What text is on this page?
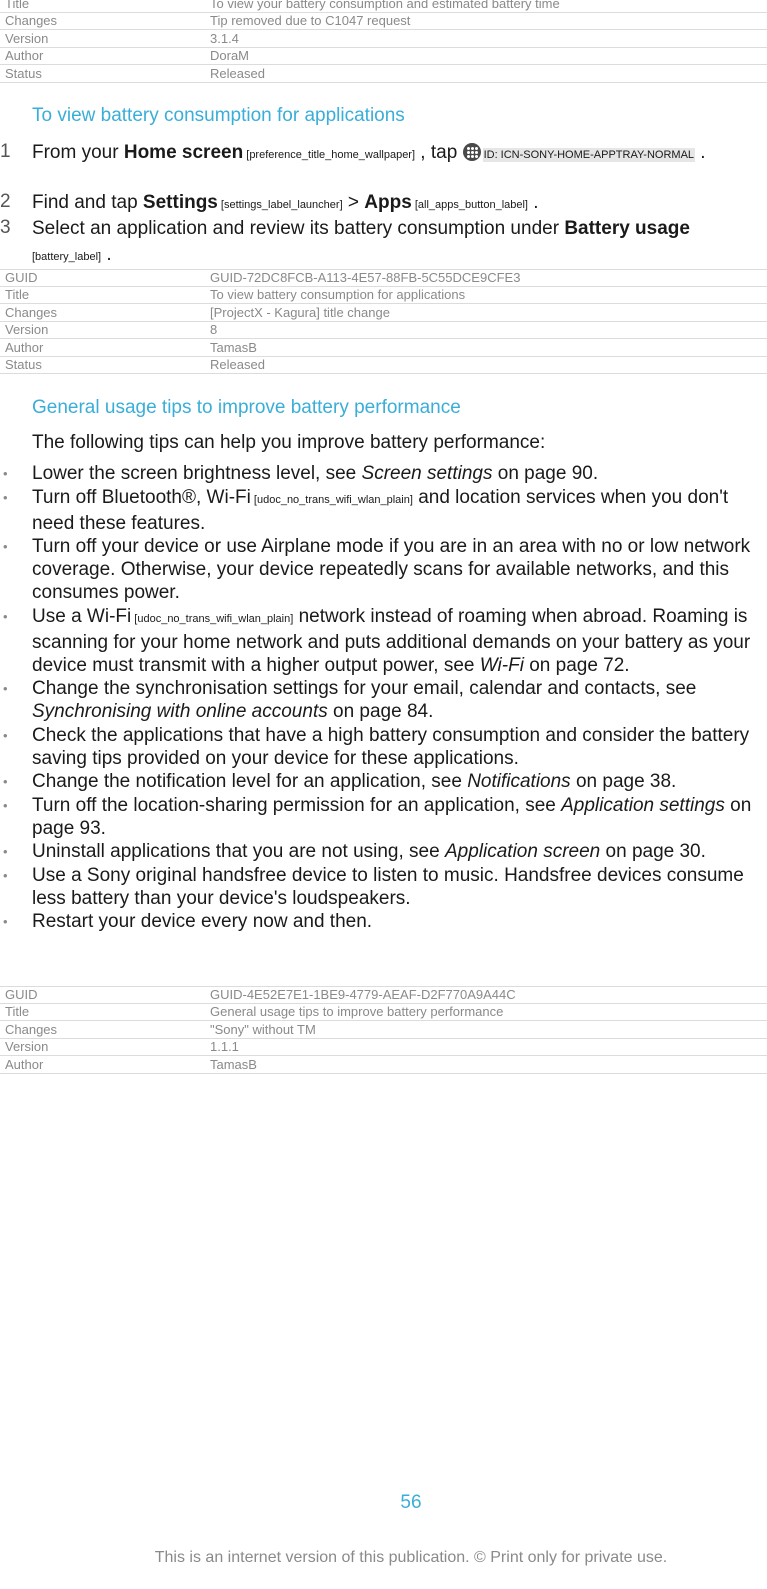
Title	To view your battery consumption and estimated battery time
Changes	Tip removed due to C1047 request
Version	3.1.4
Author	DoraM
Status	Released
To view battery consumption for applications
1 From your Home screen [preference_title_home_wallpaper] , tap
ID: ICN-SONY-HOME-APPTRAY-NORMAL .
2 Find and tap Settings [settings_label_launcher] > Apps [all_apps_button_label] .
3 Select an application and review its battery consumption under Battery usage
[battery_label] .
GUID	GUID-72DC8FCB-A113-4E57-88FB-5C55DCE9CFE3
Title	To view battery consumption for applications
Changes	[ProjectX - Kagura] title change
Version	8
Author	TamasB
Status	Released
General usage tips to improve battery performance
The following tips can help you improve battery performance:
• Lower the screen brightness level, see Screen settings on page 90.
• Turn off Bluetooth®, Wi-Fi [udoc_no_trans_wifi_wlan_plain] and location services when you don't need these features.
• Turn off your device or use Airplane mode if you are in an area with no or low network coverage. Otherwise, your device repeatedly scans for available networks, and this consumes power.
• Use a Wi-Fi [udoc_no_trans_wifi_wlan_plain] network instead of roaming when abroad. Roaming is scanning for your home network and puts additional demands on your battery as your device must transmit with a higher output power, see Wi-Fi on page 72.
• Change the synchronisation settings for your email, calendar and contacts, see Synchronising with online accounts on page 84.
• Check the applications that have a high battery consumption and consider the battery saving tips provided on your device for these applications.
• Change the notification level for an application, see Notifications on page 38.
• Turn off the location-sharing permission for an application, see Application settings on page 93.
• Uninstall applications that you are not using, see Application screen on page 30.
• Use a Sony original handsfree device to listen to music. Handsfree devices consume less battery than your device's loudspeakers.
• Restart your device every now and then.
GUID	GUID-4E52E7E1-1BE9-4779-AEAF-D2F770A9A44C
Title	General usage tips to improve battery performance
Changes	"Sony" without TM
Version	1.1.1
Author	TamasB
56
This is an internet version of this publication. © Print only for private use.
